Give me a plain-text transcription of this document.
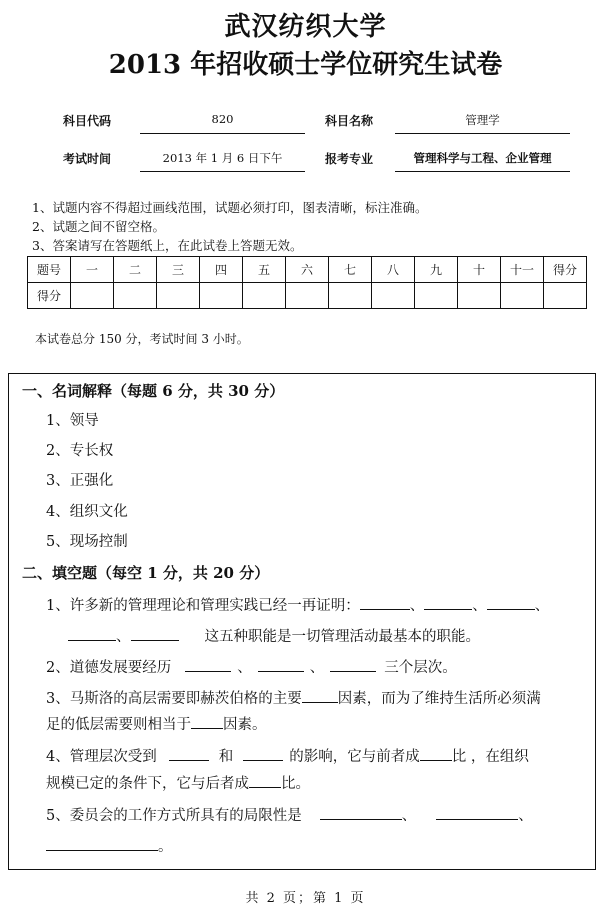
武汉纺织大学
2013 年招收硕士学位研究生试卷
科目代码	820	科目名称	管理学
考试时间	2013 年 1 月 6 日下午	报考专业	管理科学与工程、企业管理
1、试题内容不得超过画线范围，试题必须打印，图表清晰，标注准确。
2、试题之间不留空格。
3、答案请写在答题纸上，在此试卷上答题无效。
题号	一	二	三	四	五	六	七	八	九	十	十一	得分
得分												
本试卷总分 150 分，考试时间 3 小时。
一、名词解释（每题 6 分，共 30 分）
1、领导
2、专长权
3、正强化
4、组织文化
5、现场控制
二、填空题（每空 1 分，共 20 分）
1、许多新的管理理论和管理实践已经一再证明：	、	、	、
、	这五种职能是一切管理活动最基本的职能。
2、道德发展要经历	、	、	三个层次。
3、马斯洛的高层需要即赫茨伯格的主要 因素，而为了维持生活所必须满
足的低层需要则相当于 因素。
4、管理层次受到	和	的影响，它与前者成 比 ，在组织
规模已定的条件下，它与后者成 比。
5、委员会的工作方式所具有的局限性是	、	、
。
共 2 页；第 1 页
